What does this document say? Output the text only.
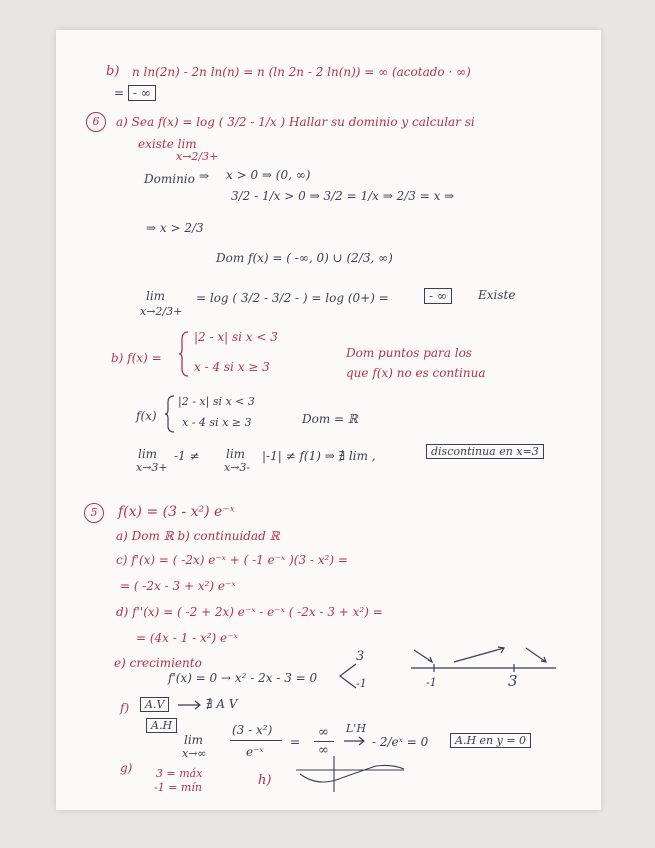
b) n ln(2n) - 2n ln(n) = n (ln 2n - 2 ln(n)) = ∞ (acotado · ∞)
= - ∞
6	a) Sea f(x) = log ( 3/2 - 1/x ) Hallar su dominio y calcular si
existe lim
x→2/3+
Dominio ⇒ x > 0 ⇒ (0, ∞)
3/2 - 1/x > 0 ⇒ 3/2 = 1/x ⇒ 2/3 = x ⇒
⇒ x > 2/3
Dom f(x) = ( -∞, 0) ∪ (2/3, ∞)
lim
x→2/3+
= log ( 3/2 - 3/2 - ) = log (0+) =	- ∞	Existe
b) f(x) =
|2 - x| si x < 3
x - 4 si x ≥ 3
Dom puntos para los
que f(x) no es continua
f(x)
|2 - x| si x < 3
x - 4 si x ≥ 3	Dom = ℝ
lim
x→3+
-1 ≠ lim
x→3-
|-1| ≠ f(1) ⇒ ∄ lim ,	discontinua en x=3
5	f(x) = (3 - x²) e⁻ˣ
a) Dom ℝ b) continuidad ℝ
c) f'(x) = ( -2x) e⁻ˣ + ( -1 e⁻ˣ )(3 - x²) =
= ( -2x - 3 + x²) e⁻ˣ
d) f''(x) = ( -2 + 2x) e⁻ˣ - e⁻ˣ ( -2x - 3 + x²) =
= (4x - 1 - x²) e⁻ˣ
e) crecimiento
f'(x) = 0 → x² - 2x - 3 = 0
3
-1	-1	3
f)	A.V	∄ A V
A.H
lim
x→∞
(3 - x²)
e⁻ˣ
=
∞
∞
L'H
- 2/eˣ = 0	A.H en y = 0
g) 3 = máx
-1 = mín	h)
